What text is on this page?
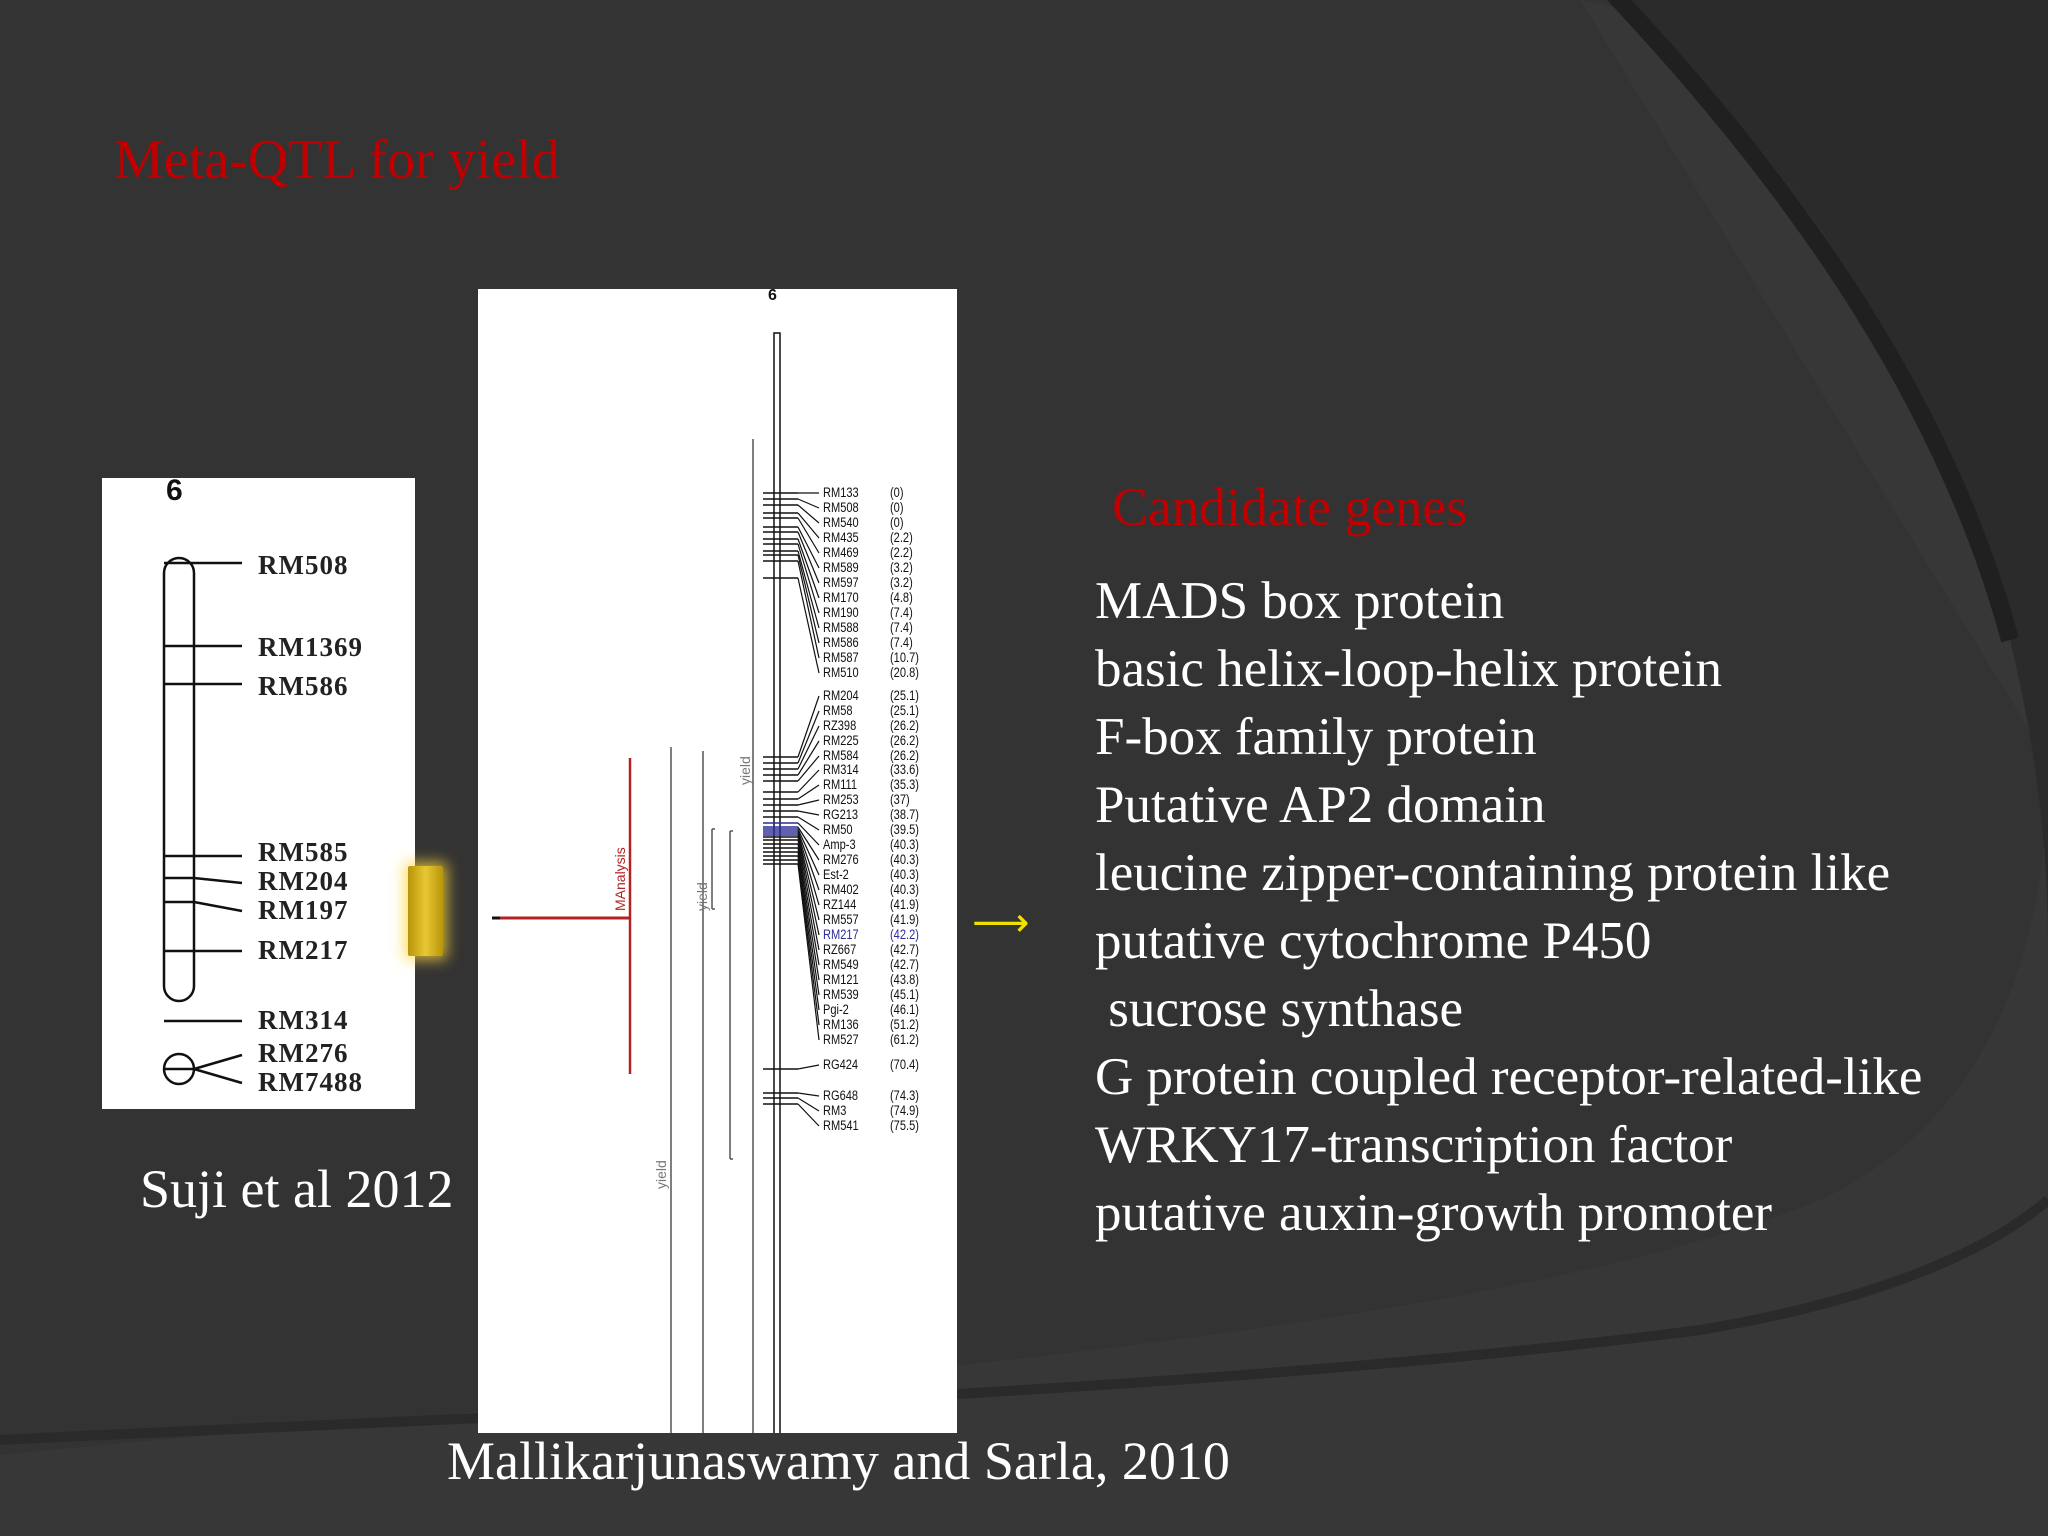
Meta-QTL for yield
6
RM508
RM1369
RM586
RM585
RM204
RM197
RM217
RM314
RM276
RM7488
Suji et al 2012
6
yield
MAnalysis	yield
yield
RM133 (0)
RM508 (0)
RM540 (0)
RM435 (2.2)
RM469 (2.2)
RM589 (3.2)
RM597 (3.2)
RM170 (4.8)
RM190 (7.4)
RM588 (7.4)
RM586 (7.4)
RM587 (10.7)
RM510 (20.8)
RM204 (25.1)
RM58	(25.1)
RZ398	(26.2)
RM225 (26.2)
RM584 (26.2)
RM314 (33.6)
RM111 (35.3)
RM253 (37)
RG213 (38.7)
RM50	(39.5)
Amp-3	(40.3)
RM276 (40.3)
Est-2	(40.3)
RM402 (40.3)
RZ144	(41.9)
RM557 (41.9)
RM217 (42.2)
RZ667	(42.7)
RM549 (42.7)
RM121 (43.8)
RM539 (45.1)
Pgi-2	(46.1)
RM136 (51.2)
RM527 (61.2)
RG424 (70.4)
RG648 (74.3)
RM3	(74.9)
RM541 (75.5)
⟶
Mallikarjunaswamy and Sarla, 2010
Candidate genes
MADS box protein
basic helix-loop-helix protein
F-box family protein
Putative AP2 domain
leucine zipper-containing protein like
putative cytochrome P450
sucrose synthase
G protein coupled receptor-related-like
WRKY17-transcription factor
putative auxin-growth promoter
